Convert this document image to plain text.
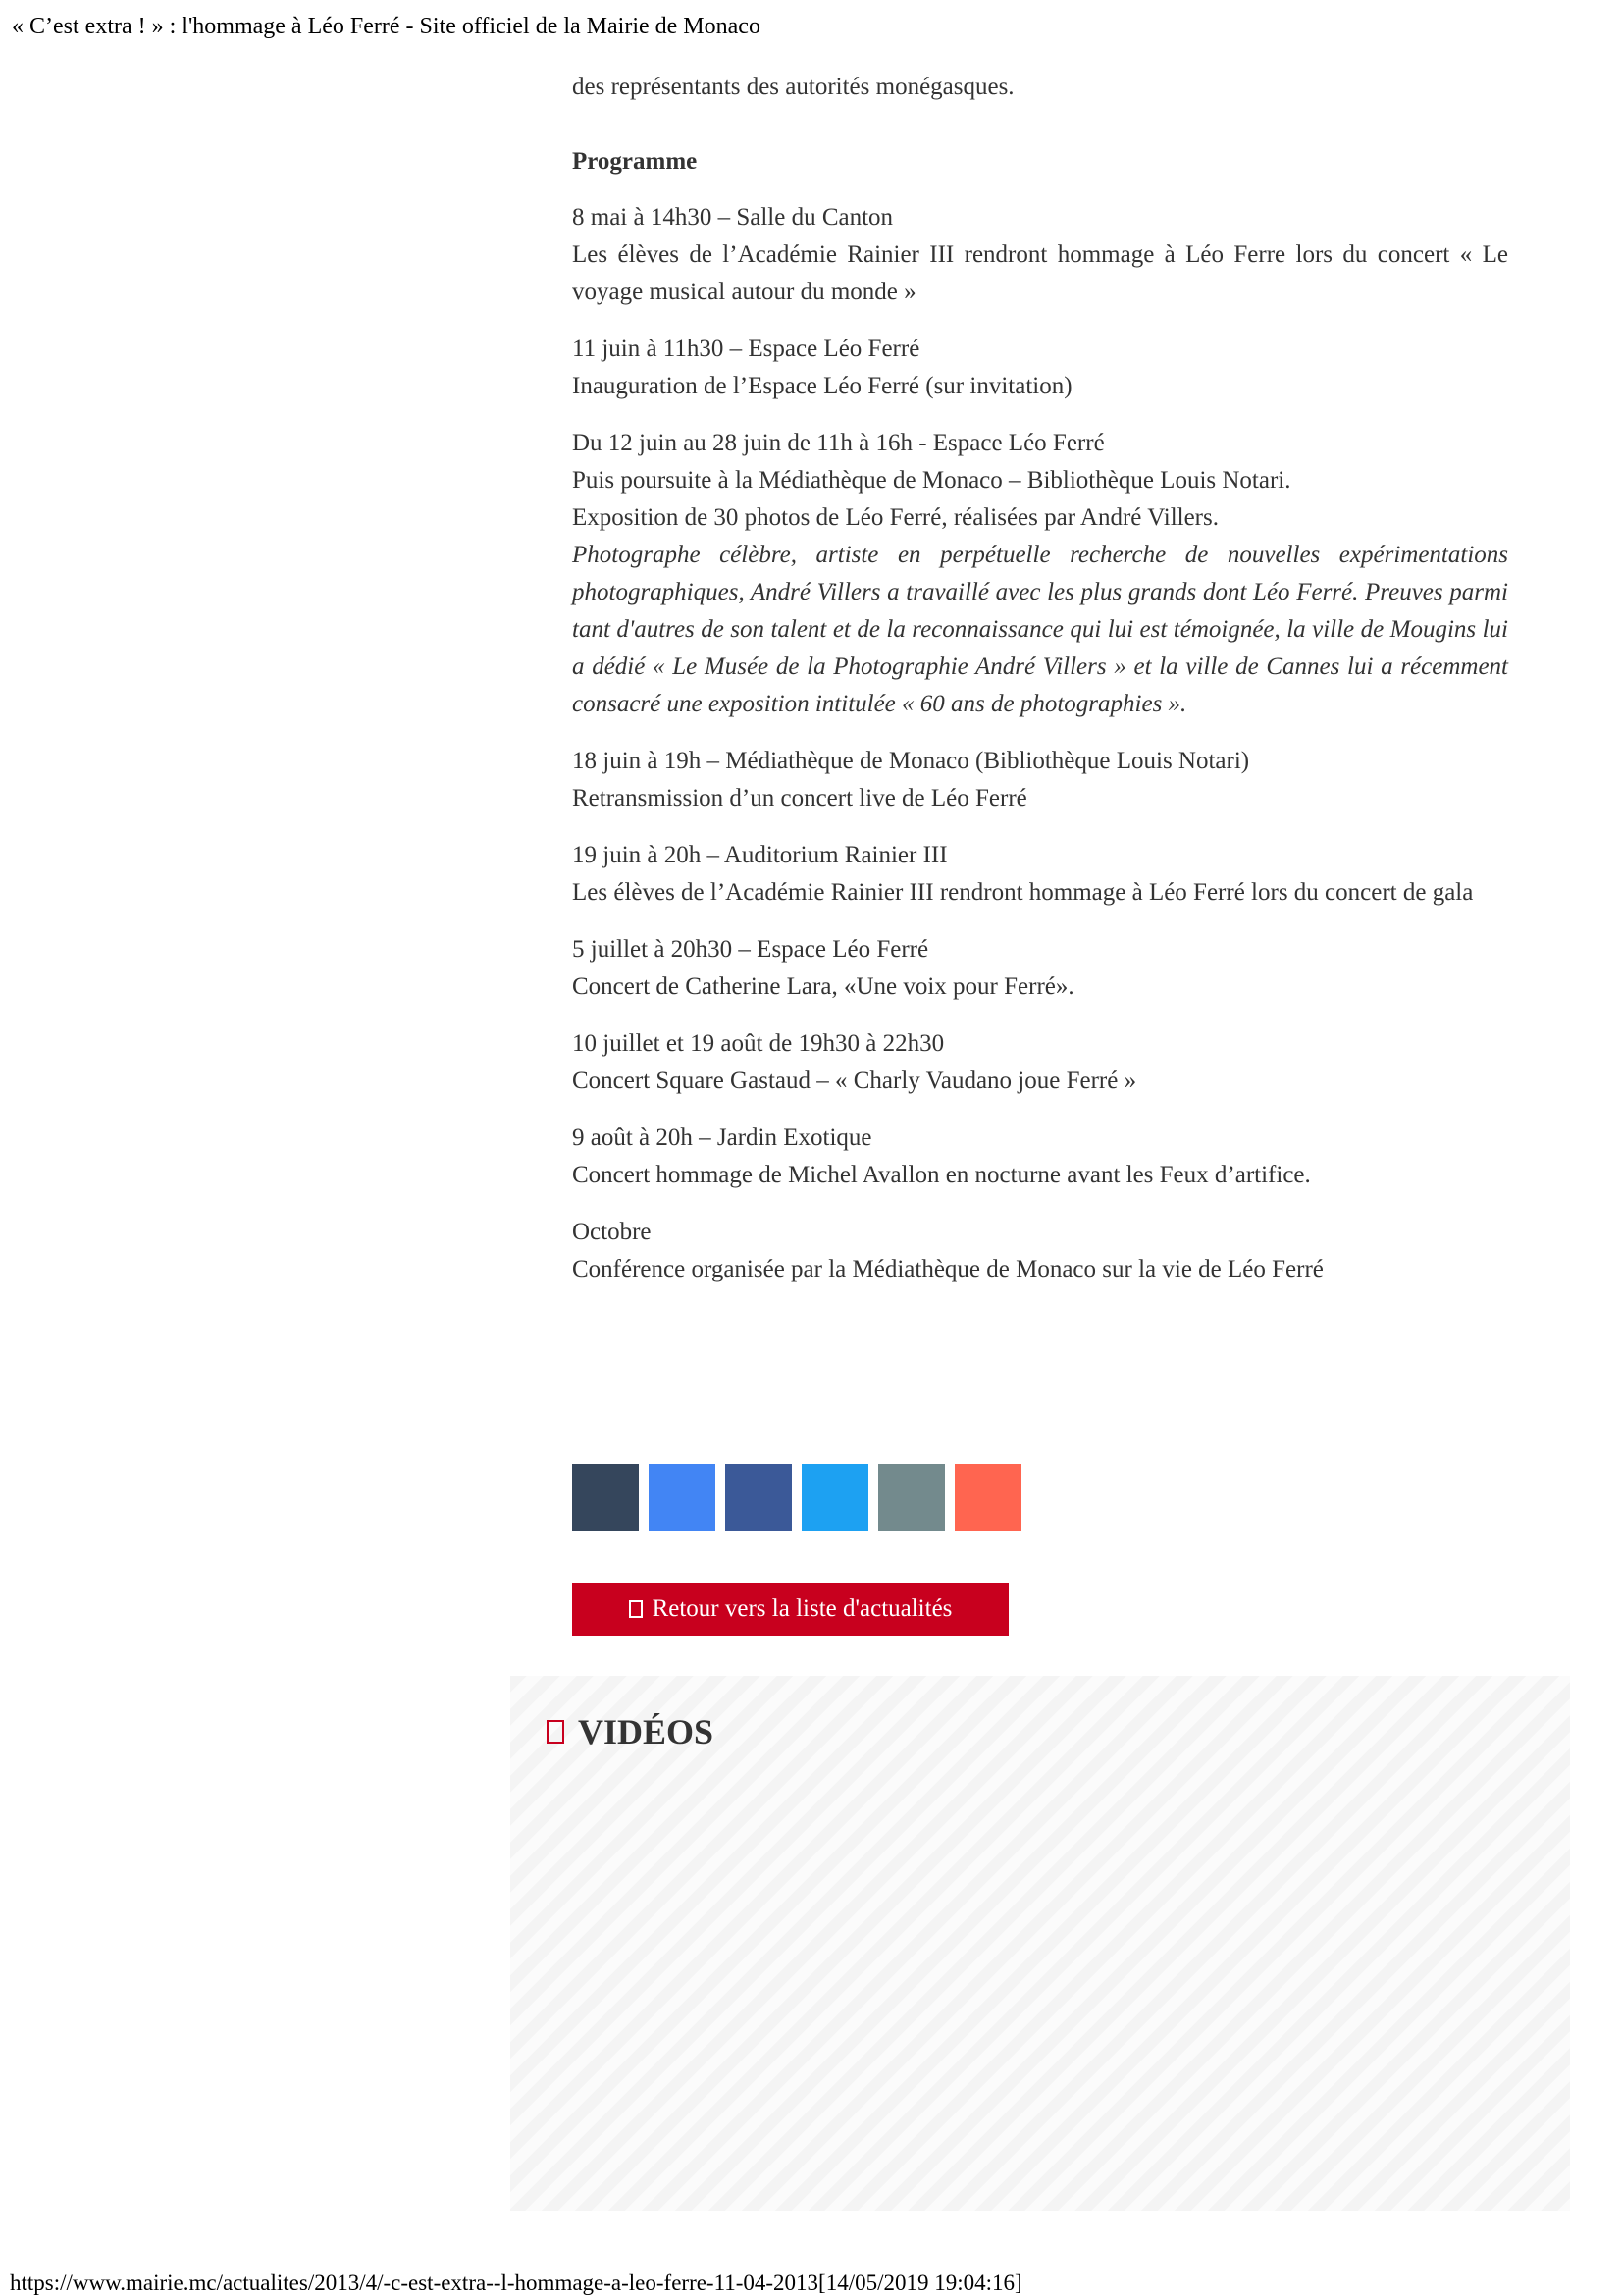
« C’est extra ! » : l'hommage à Léo Ferré - Site officiel de la Mairie de Monaco

des représentants des autorités monégasques.

Programme

8 mai à 14h30 – Salle du Canton
Les élèves de l’Académie Rainier III rendront hommage à Léo Ferre lors du concert « Le voyage musical autour du monde »

11 juin à 11h30 – Espace Léo Ferré
Inauguration de l’Espace Léo Ferré (sur invitation)

Du 12 juin au 28 juin de 11h à 16h - Espace Léo Ferré
Puis poursuite à la Médiathèque de Monaco – Bibliothèque Louis Notari.
Exposition de 30 photos de Léo Ferré, réalisées par André Villers.
Photographe célèbre, artiste en perpétuelle recherche de nouvelles expérimentations photographiques, André Villers a travaillé avec les plus grands dont Léo Ferré. Preuves parmi tant d'autres de son talent et de la reconnaissance qui lui est témoignée, la ville de Mougins lui a dédié « Le Musée de la Photographie André Villers » et la ville de Cannes lui a récemment consacré une exposition intitulée « 60 ans de photographies ».

18 juin à 19h – Médiathèque de Monaco (Bibliothèque Louis Notari)
Retransmission d’un concert live de Léo Ferré

19 juin à 20h – Auditorium Rainier III
Les élèves de l’Académie Rainier III rendront hommage à Léo Ferré lors du concert de gala

5 juillet à 20h30 – Espace Léo Ferré
Concert de Catherine Lara, «Une voix pour Ferré».

10 juillet et 19 août de 19h30 à 22h30
Concert Square Gastaud – « Charly Vaudano joue Ferré »

9 août à 20h – Jardin Exotique
Concert hommage de Michel Avallon en nocturne avant les Feux d’artifice.

Octobre
Conférence organisée par la Médiathèque de Monaco sur la vie de Léo Ferré

Retour vers la liste d'actualités
VIDÉOS
https://www.mairie.mc/actualites/2013/4/-c-est-extra--l-hommage-a-leo-ferre-11-04-2013[14/05/2019 19:04:16]
